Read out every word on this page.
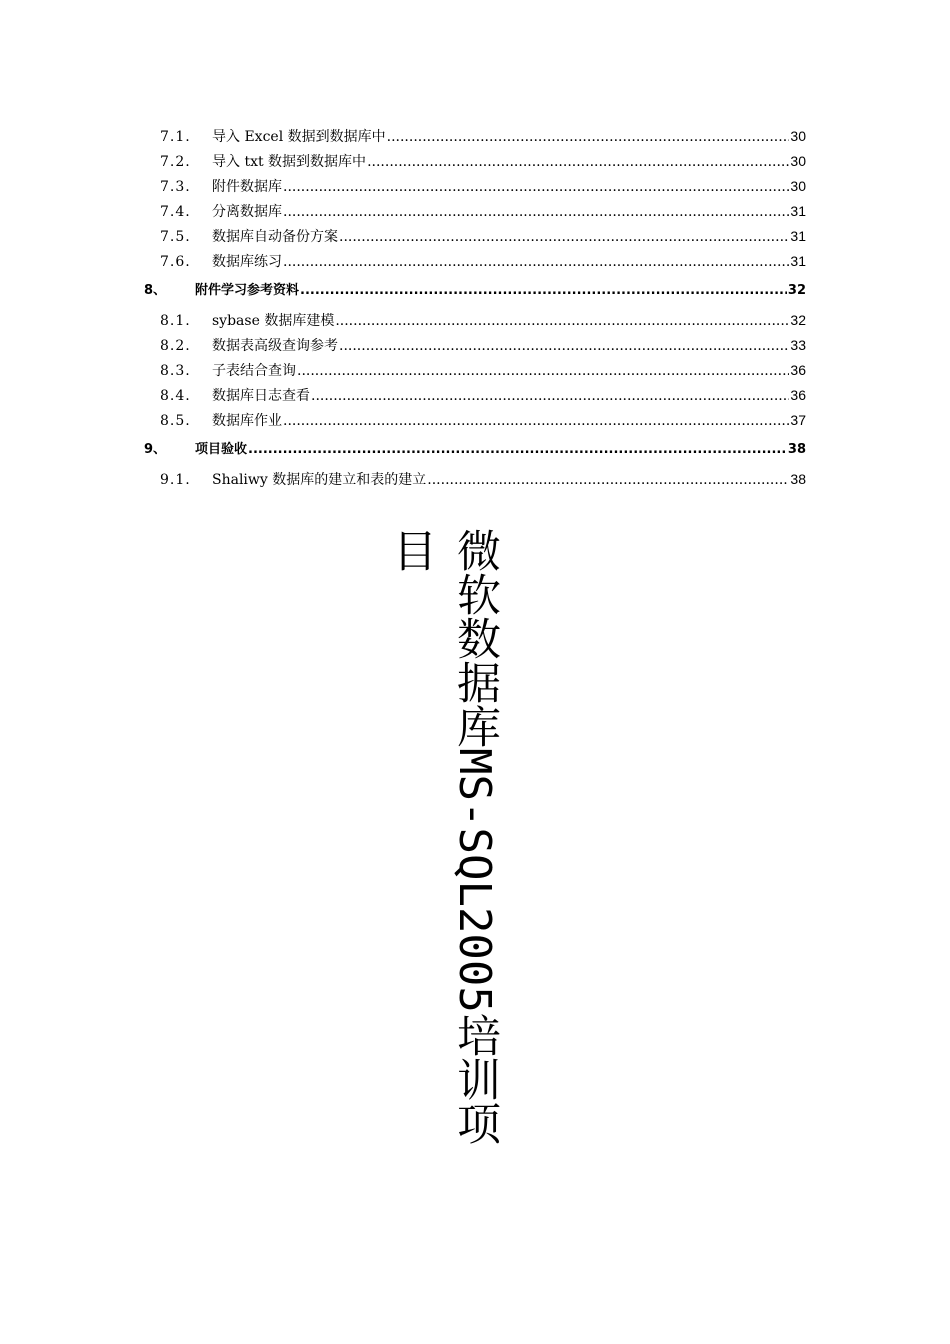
7.1.	导入 Excel 数据到数据库中 .....	30
7.2.	导入 txt 数据到数据库中 .....	30
7.3.	附件数据库 .....	30
7.4.	分离数据库 .....	31
7.5.	数据库自动备份方案 .....	31
7.6.	数据库练习 .....	31
8、	附件学习参考资料 .....	32
8.1.	sybase 数据库建模 .....	32
8.2.	数据表高级查询参考 .....	33
8.3.	子表结合查询 .....	36
8.4.	数据库日志查看 .....	36
8.5.	数据库作业 .....	37
9、	项目验收 .....	38
9.1.	Shaliwy 数据库的建立和表的建立 .....	38
微软数据库MS-SQL2005培训项目
